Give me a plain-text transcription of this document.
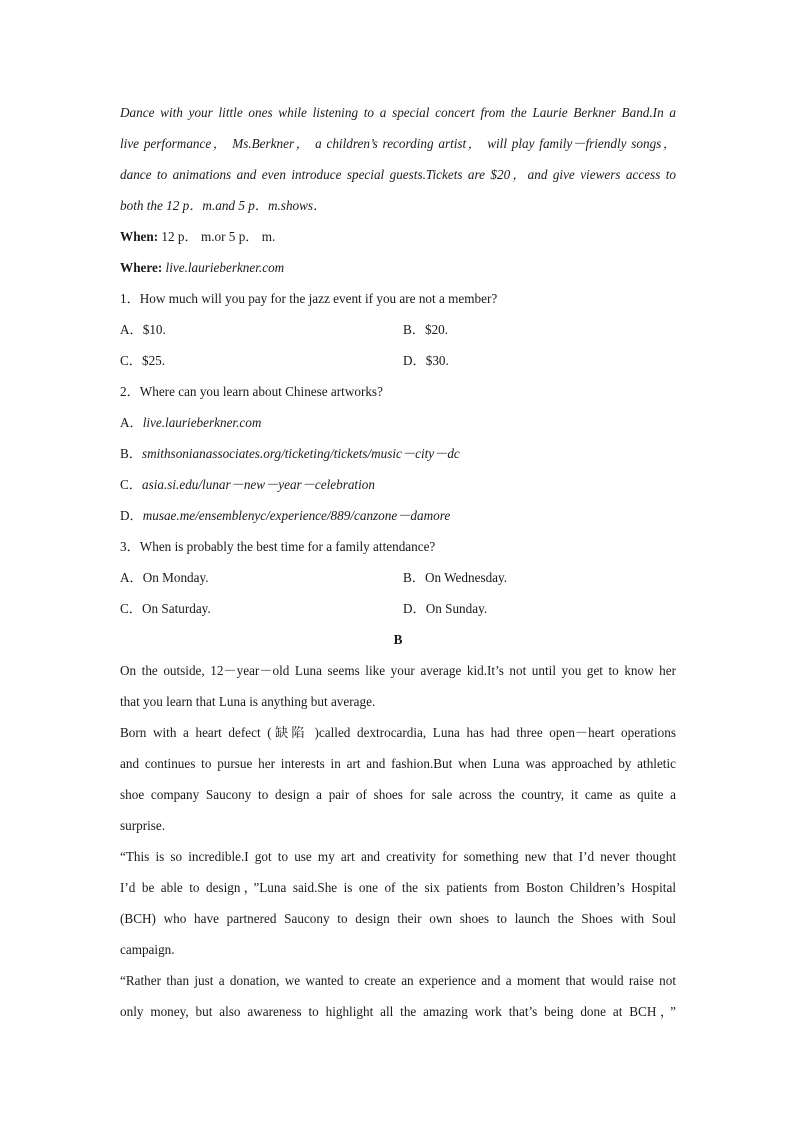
Dance with your little ones while listening to a special concert from the Laurie Berkner Band.In a
live performance， Ms.Berkner， a children’s recording artist， will play family－friendly songs，
dance to animations and even introduce special guests.Tickets are $20，and give viewers access to
both the 12 p．m.and 5 p．m.shows．
When: 12 p． m.or 5 p． m.
Where: live.laurieberkner.com
1．How much will you pay for the jazz event if you are not a member?
A．$10.	B．$20.
C．$25.	D．$30.
2．Where can you learn about Chinese artworks?
A．live.laurieberkner.com
B．smithsonianassociates.org/ticketing/tickets/music－city－dc
C．asia.si.edu/lunar－new－year－celebration
D．musae.me/ensemblenyc/experience/889/canzone－damore
3．When is probably the best time for a family attendance?
A．On Monday.	B．On Wednesday.
C．On Saturday.	D．On Sunday.
B
On the outside, 12－year－old Luna seems like your average kid.It’s not until you get to know her
that you learn that Luna is anything but average.
Born with a heart defect (缺陷 )called dextrocardia, Luna has had three open－heart operations
and continues to pursue her interests in art and fashion.But when Luna was approached by athletic
shoe company Saucony to design a pair of shoes for sale across the country, it came as quite a
surprise.
“This is so incredible.I got to use my art and creativity for something new that I’d never thought
I’d be able to design，”Luna said.She is one of the six patients from Boston Children’s Hospital
(BCH) who have partnered Saucony to design their own shoes to launch the Shoes with Soul
campaign.
“Rather than just a donation, we wanted to create an experience and a moment that would raise not
only money, but also awareness to highlight all the amazing work that’s being done at BCH，”
